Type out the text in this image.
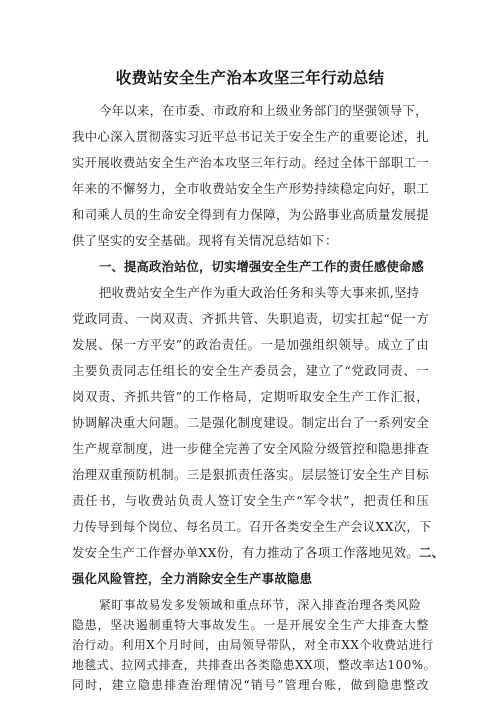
收费站安全生产治本攻坚三年行动总结
今年以来，在市委、市政府和上级业务部门的坚强领导下，
我中心深入贯彻落实习近平总书记关于安全生产的重要论述，扎
实开展收费站安全生产治本攻坚三年行动。经过全体干部职工一
年来的不懈努力，全市收费站安全生产形势持续稳定向好，职工
和司乘人员的生命安全得到有力保障，为公路事业高质量发展提
供了坚实的安全基础。现将有关情况总结如下：
一、提高政治站位，切实增强安全生产工作的责任感使命感
把收费站安全生产作为重大政治任务和头等大事来抓,坚持
党政同责、一岗双责、齐抓共管、失职追责，切实扛起“促一方
发展、保一方平安”的政治责任。一是加强组织领导。成立了由
主要负责同志任组长的安全生产委员会，建立了“党政同责、一
岗双责、齐抓共管”的工作格局，定期听取安全生产工作汇报，
协调解决重大问题。二是强化制度建设。制定出台了一系列安全
生产规章制度，进一步健全完善了安全风险分级管控和隐患排查
治理双重预防机制。三是狠抓责任落实。层层签订安全生产目标
责任书，与收费站负责人签订安全生产“军令状”，把责任和压
力传导到每个岗位、每名员工。召开各类安全生产会议XX次，下
发安全生产工作督办单XX份，有力推动了各项工作落地见效。二、
强化风险管控，全力消除安全生产事故隐患
紧盯事故易发多发领域和重点环节，深入排查治理各类风险
隐患，坚决遏制重特大事故发生。一是开展安全生产大排查大整
治行动。利用X个月时间，由局领导带队，对全市XX个收费站进行
地毯式、拉网式排查，共排查出各类隐患XX项，整改率达100%。
同时，建立隐患排查治理情况“销号”管理台账，做到隐患整改
